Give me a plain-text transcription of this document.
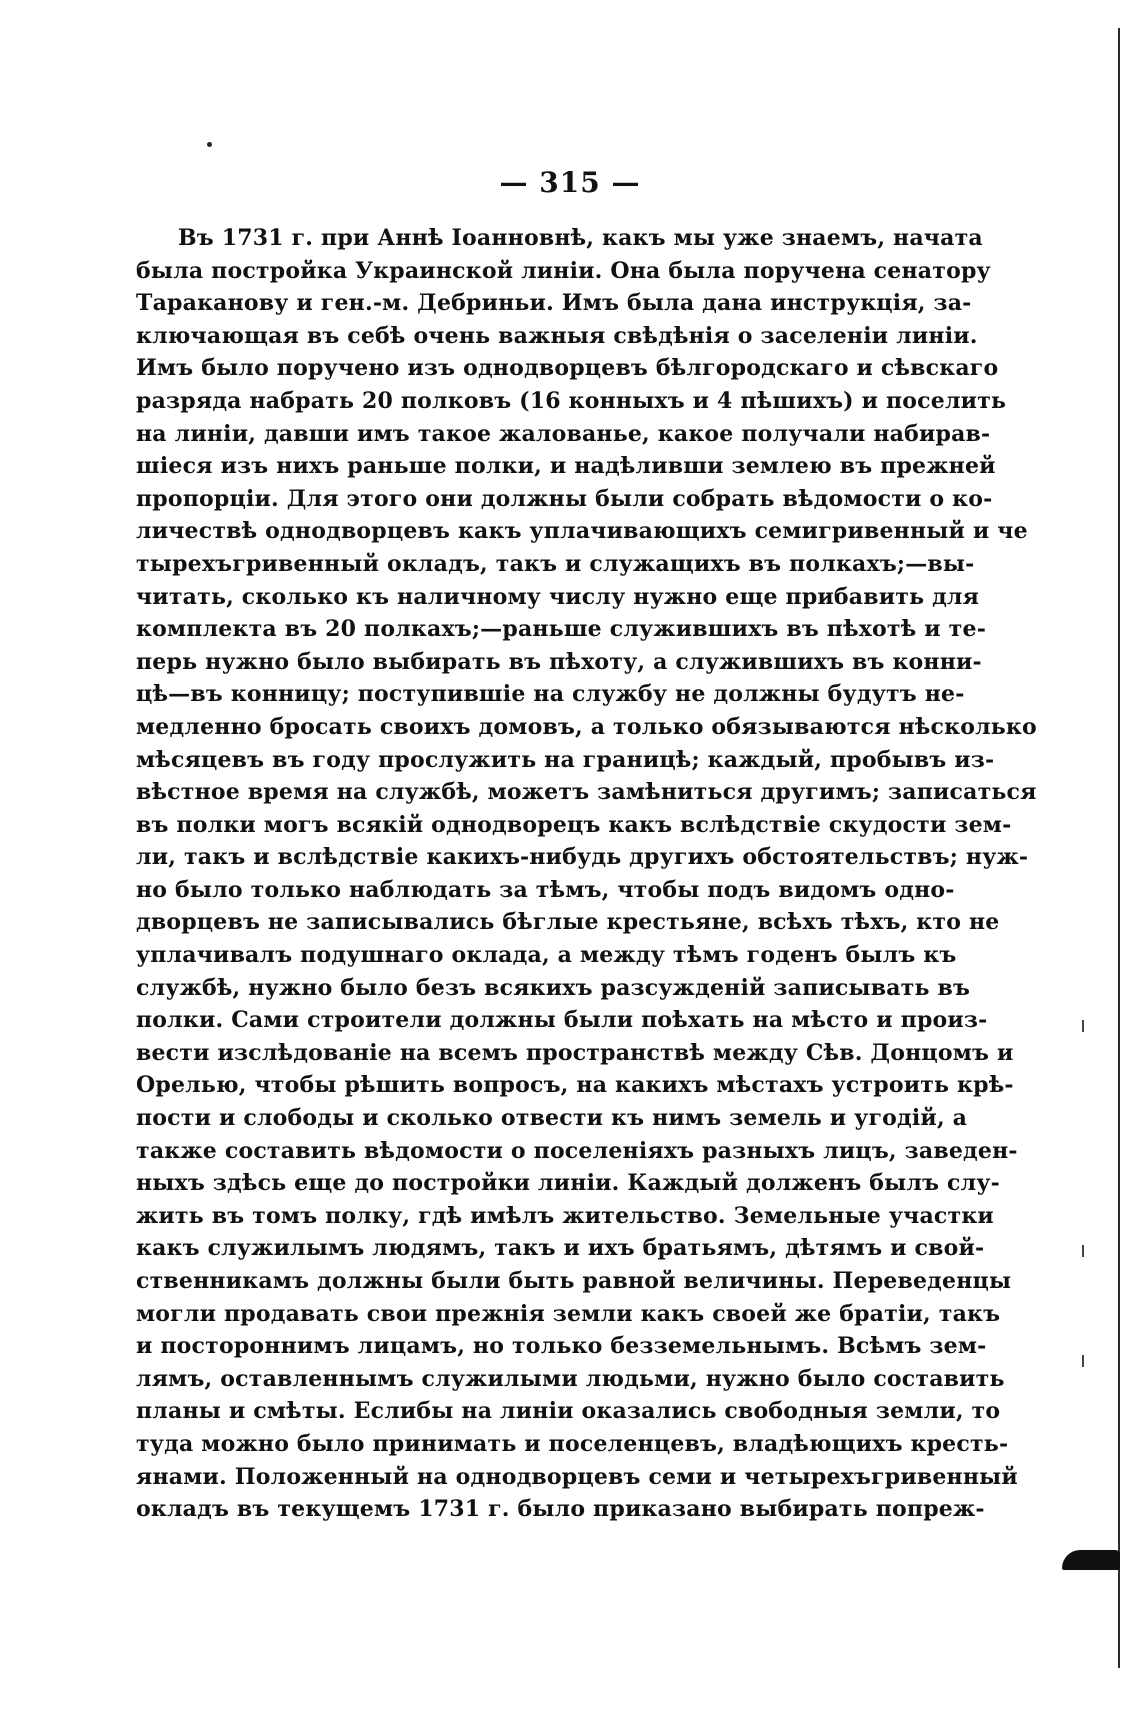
— 315 —
Въ 1731 г. при Аннѣ Іоанновнѣ, какъ мы уже знаемъ, начата
была постройка Украинской линіи. Она была поручена сенатору
Тараканову и ген.-м. Дебриньи. Имъ была дана инструкція, за-
ключающая въ себѣ очень важныя свѣдѣнія о заселеніи линіи.
Имъ было поручено изъ однодворцевъ бѣлгородскаго и сѣвскаго
разряда набрать 20 полковъ (16 конныхъ и 4 пѣшихъ) и поселить
на линіи, давши имъ такое жалованье, какое получали набирав-
шіеся изъ нихъ раньше полки, и надѣливши землею въ прежней
пропорціи. Для этого они должны были собрать вѣдомости о ко-
личествѣ однодворцевъ какъ уплачивающихъ семигривенный и че
тырехъгривенный окладъ, такъ и служащихъ въ полкахъ;—вы-
читать, сколько къ наличному числу нужно еще прибавить для
комплекта въ 20 полкахъ;—раньше служившихъ въ пѣхотѣ и те-
перь нужно было выбирать въ пѣхоту, а служившихъ въ конни-
цѣ—въ конницу; поступившіе на службу не должны будутъ не-
медленно бросать своихъ домовъ, а только обязываются нѣсколько
мѣсяцевъ въ году прослужить на границѣ; каждый, пробывъ из-
вѣстное время на службѣ, можетъ замѣниться другимъ; записаться
въ полки могъ всякій однодворецъ какъ вслѣдствіе скудости зем-
ли, такъ и вслѣдствіе какихъ-нибудь другихъ обстоятельствъ; нуж-
но было только наблюдать за тѣмъ, чтобы подъ видомъ одно-
дворцевъ не записывались бѣглые крестьяне, всѣхъ тѣхъ, кто не
уплачивалъ подушнаго оклада, а между тѣмъ годенъ былъ къ
службѣ, нужно было безъ всякихъ разсужденій записывать въ
полки. Сами строители должны были поѣхать на мѣсто и произ-
вести изслѣдованіе на всемъ пространствѣ между Сѣв. Донцомъ и
Орелью, чтобы рѣшить вопросъ, на какихъ мѣстахъ устроить крѣ-
пости и слободы и сколько отвести къ нимъ земель и угодій, а
также составить вѣдомости о поселеніяхъ разныхъ лицъ, заведен-
ныхъ здѣсь еще до постройки линіи. Каждый долженъ былъ слу-
жить въ томъ полку, гдѣ имѣлъ жительство. Земельные участки
какъ служилымъ людямъ, такъ и ихъ братьямъ, дѣтямъ и свой-
ственникамъ должны были быть равной величины. Переведенцы
могли продавать свои прежнія земли какъ своей же братіи, такъ
и постороннимъ лицамъ, но только безземельнымъ. Всѣмъ зем-
лямъ, оставленнымъ служилыми людьми, нужно было составить
планы и смѣты. Еслибы на линіи оказались свободныя земли, то
туда можно было принимать и поселенцевъ, владѣющихъ кресть-
янами. Положенный на однодворцевъ семи и четырехъгривенный
окладъ въ текущемъ 1731 г. было приказано выбирать попреж-
